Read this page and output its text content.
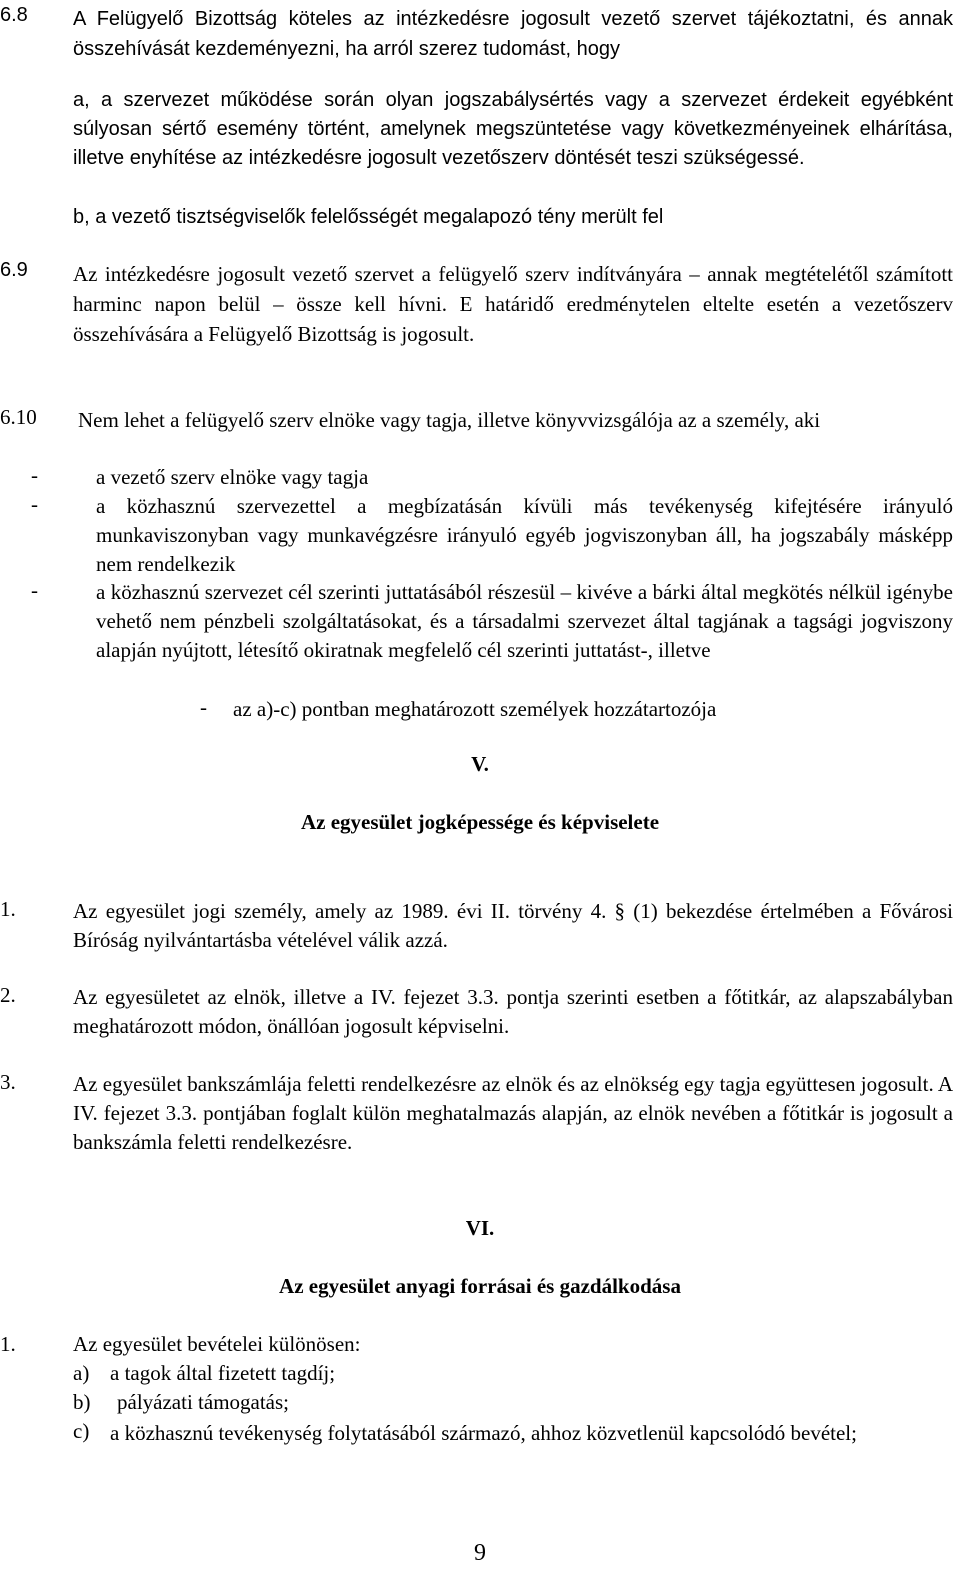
6.8 A Felügyelő Bizottság köteles az intézkedésre jogosult vezető szervet tájékoztatni, és annak összehívását kezdeményezni, ha arról szerez tudomást, hogy
a, a szervezet működése során olyan jogszabálysértés vagy a szervezet érdekeit egyébként súlyosan sértő esemény történt, amelynek megszüntetése vagy következményeinek elhárítása, illetve enyhítése az intézkedésre jogosult vezetőszerv döntését teszi szükségessé.
b, a vezető tisztségviselők felelősségét megalapozó tény merült fel
6.9 Az intézkedésre jogosult vezető szervet a felügyelő szerv indítványára – annak megtételétől számított harminc napon belül – össze kell hívni. E határidő eredménytelen eltelte esetén a vezetőszerv összehívására a Felügyelő Bizottság is jogosult.
6.10 Nem lehet a felügyelő szerv elnöke vagy tagja, illetve könyvvizsgálója az a személy, aki
-	a vezető szerv elnöke vagy tagja
-	a közhasznú szervezettel a megbízatásán kívüli más tevékenység kifejtésére irányuló munkaviszonyban vagy munkavégzésre irányuló egyéb jogviszonyban áll, ha jogszabály másképp nem rendelkezik
-	a közhasznú szervezet cél szerinti juttatásából részesül – kivéve a bárki által megkötés nélkül igénybe vehető nem pénzbeli szolgáltatásokat, és a társadalmi szervezet által tagjának a tagsági jogviszony alapján nyújtott, létesítő okiratnak megfelelő cél szerinti juttatást-, illetve
- az a)-c) pontban meghatározott személyek hozzátartozója
V.
Az egyesület jogképessége és képviselete
1.	Az egyesület jogi személy, amely az 1989. évi II. törvény 4. § (1) bekezdése értelmében a Fővárosi Bíróság nyilvántartásba vételével válik azzá.
2.	Az egyesületet az elnök, illetve a IV. fejezet 3.3. pontja szerinti esetben a főtitkár, az alapszabályban meghatározott módon, önállóan jogosult képviselni.
3.	Az egyesület bankszámlája feletti rendelkezésre az elnök és az elnökség egy tagja együttesen jogosult. A IV. fejezet 3.3. pontjában foglalt külön meghatalmazás alapján, az elnök nevében a főtitkár is jogosult a bankszámla feletti rendelkezésre.
VI.
Az egyesület anyagi forrásai és gazdálkodása
1.	Az egyesület bevételei különösen:
a) a tagok által fizetett tagdíj;
b) pályázati támogatás;
c) a közhasznú tevékenység folytatásából származó, ahhoz közvetlenül kapcsolódó bevétel;
9
